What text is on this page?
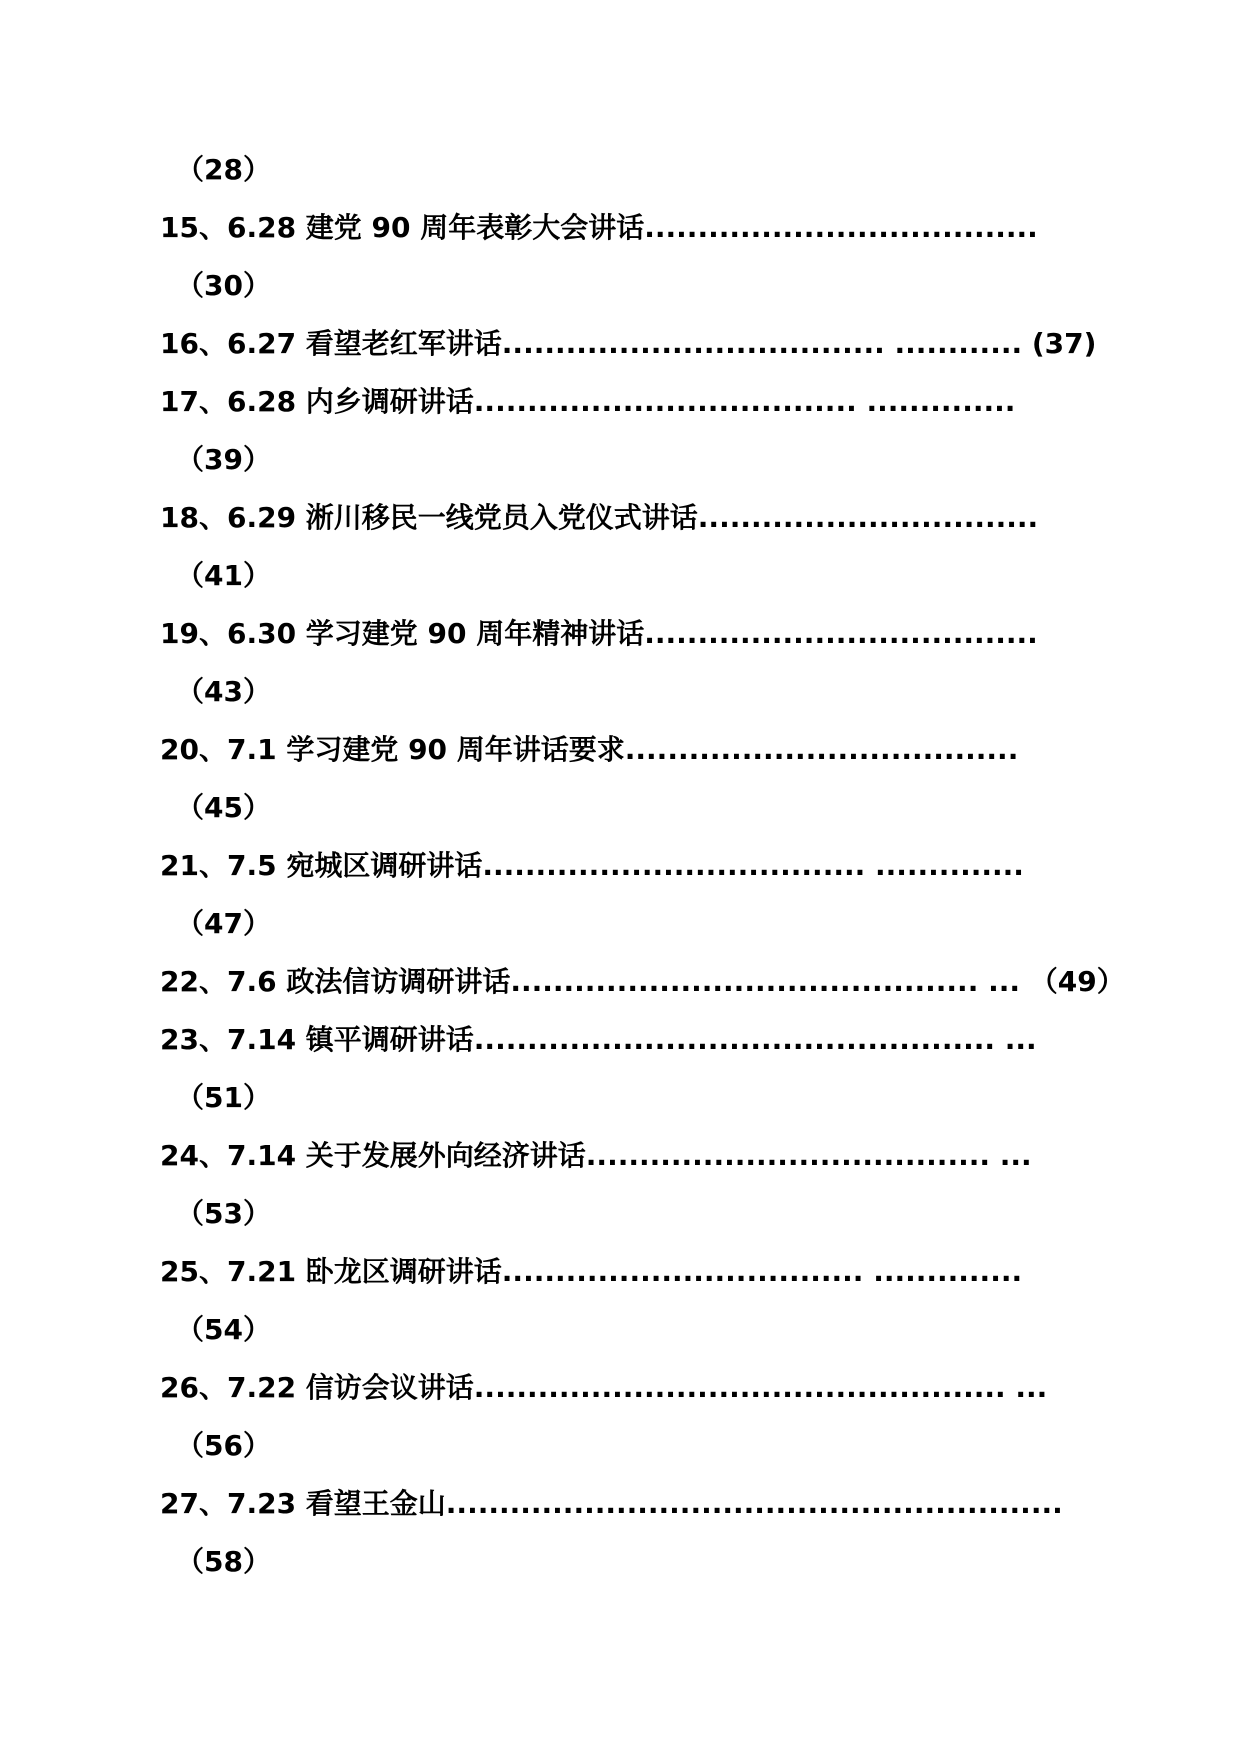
（28）
15、6.28 建党 90 周年表彰大会讲话.....................................
（30）
16、6.27 看望老红军讲话.................................... ............ (37)
17、6.28 内乡调研讲话.................................... ..............
（39）
18、6.29 淅川移民一线党员入党仪式讲话................................
（41）
19、6.30 学习建党 90 周年精神讲话.....................................
（43）
20、7.1 学习建党 90 周年讲话要求.....................................
（45）
21、7.5 宛城区调研讲话.................................... ..............
（47）
22、7.6 政法信访调研讲话............................................ ... （49）
23、7.14 镇平调研讲话................................................. ...
（51）
24、7.14 关于发展外向经济讲话...................................... ...
（53）
25、7.21 卧龙区调研讲话.................................. ..............
（54）
26、7.22 信访会议讲话.................................................. ...
（56）
27、7.23 看望王金山..........................................................
（58）
